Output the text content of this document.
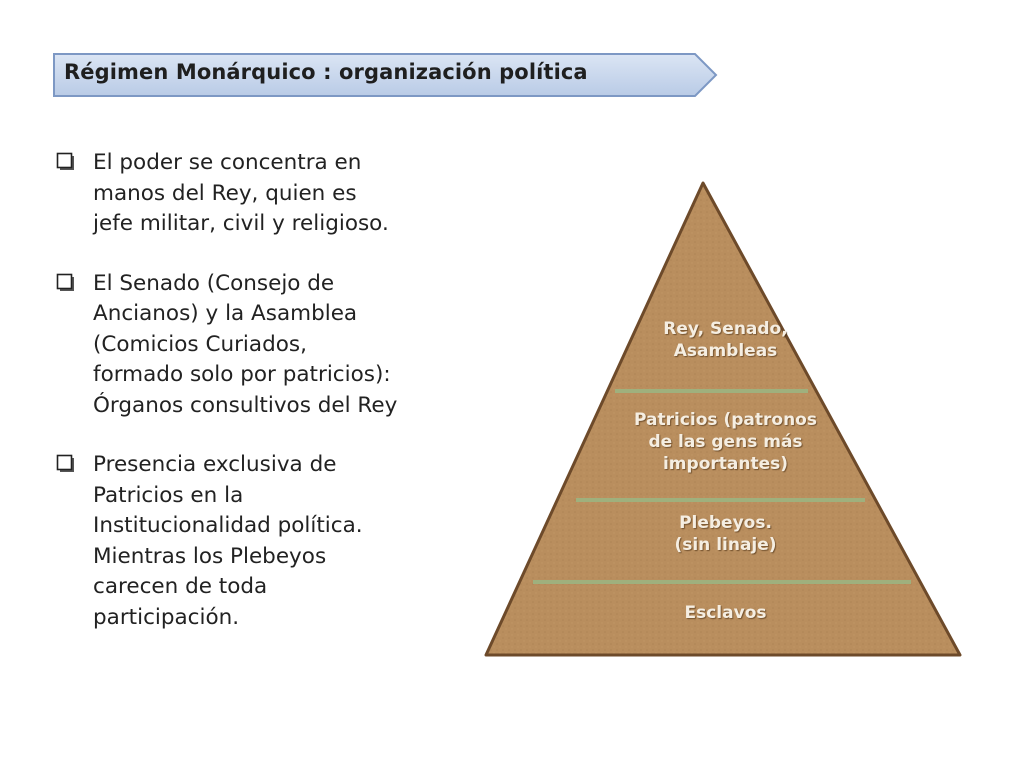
Régimen Monárquico : organización política
El poder se concentra en
manos del Rey, quien es
jefe militar, civil y religioso.
El Senado (Consejo de
Ancianos) y la Asamblea
(Comicios Curiados,
formado solo por patricios):
Órganos consultivos del Rey
Presencia exclusiva de
Patricios en la
Institucionalidad política.
Mientras los Plebeyos
carecen de toda
participación.
Rey, Senado,
Asambleas
Patricios (patronos
de las gens más
importantes)
Plebeyos.
(sin linaje)
Esclavos
